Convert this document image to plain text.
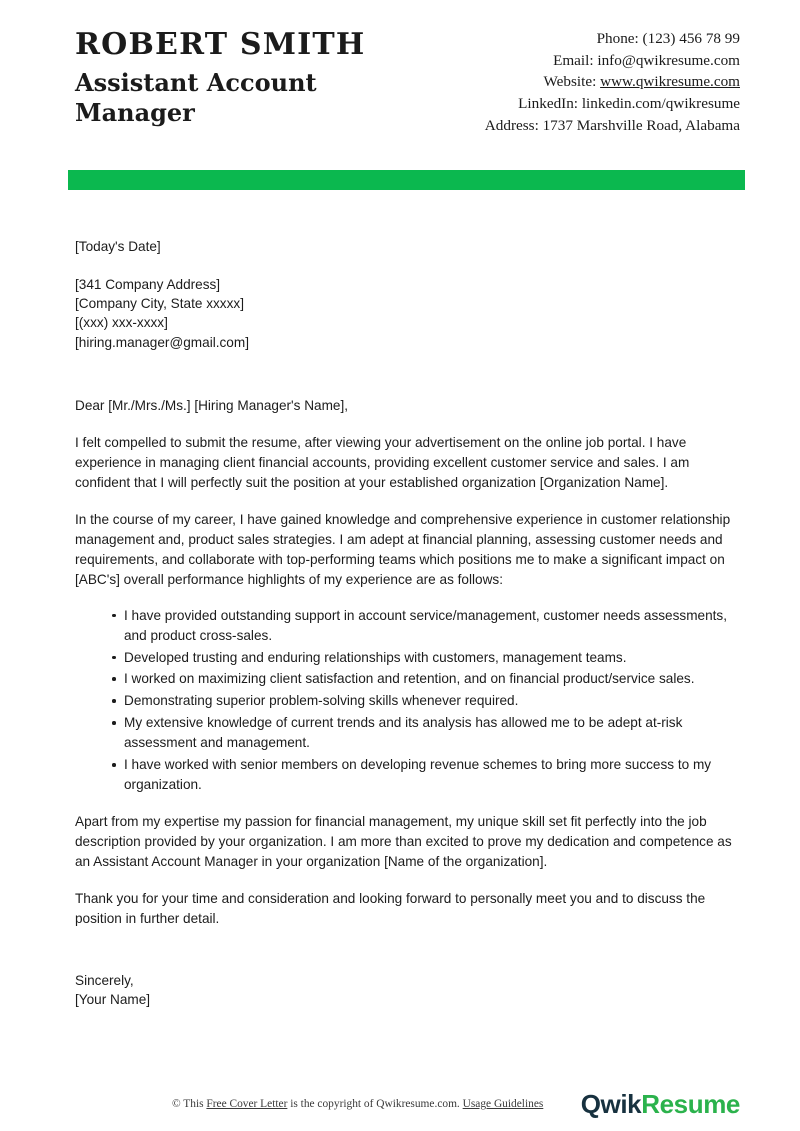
ROBERT SMITH
Assistant Account Manager
Phone: (123) 456 78 99
Email: info@qwikresume.com
Website: www.qwikresume.com
LinkedIn: linkedin.com/qwikresume
Address: 1737 Marshville Road, Alabama
[Today's Date]
[341 Company Address]
[Company City, State xxxxx]
[(xxx) xxx-xxxx]
[hiring.manager@gmail.com]
Dear [Mr./Mrs./Ms.] [Hiring Manager's Name],

I felt compelled to submit the resume, after viewing your advertisement on the online job portal. I have experience in managing client financial accounts, providing excellent customer service and sales. I am confident that I will perfectly suit the position at your established organization [Organization Name].

In the course of my career, I have gained knowledge and comprehensive experience in customer relationship management and, product sales strategies. I am adept at financial planning, assessing customer needs and requirements, and collaborate with top-performing teams which positions me to make a significant impact on [ABC's] overall performance highlights of my experience are as follows:

I have provided outstanding support in account service/management, customer needs assessments, and product cross-sales.
Developed trusting and enduring relationships with customers, management teams.
I worked on maximizing client satisfaction and retention, and on financial product/service sales.
Demonstrating superior problem-solving skills whenever required.
My extensive knowledge of current trends and its analysis has allowed me to be adept at-risk assessment and management.
I have worked with senior members on developing revenue schemes to bring more success to my organization.

Apart from my expertise my passion for financial management, my unique skill set fit perfectly into the job description provided by your organization. I am more than excited to prove my dedication and competence as an Assistant Account Manager in your organization [Name of the organization].

Thank you for your time and consideration and looking forward to personally meet you and to discuss the position in further detail.

Sincerely,
[Your Name]
© This Free Cover Letter is the copyright of Qwikresume.com. Usage Guidelines QwikResume
